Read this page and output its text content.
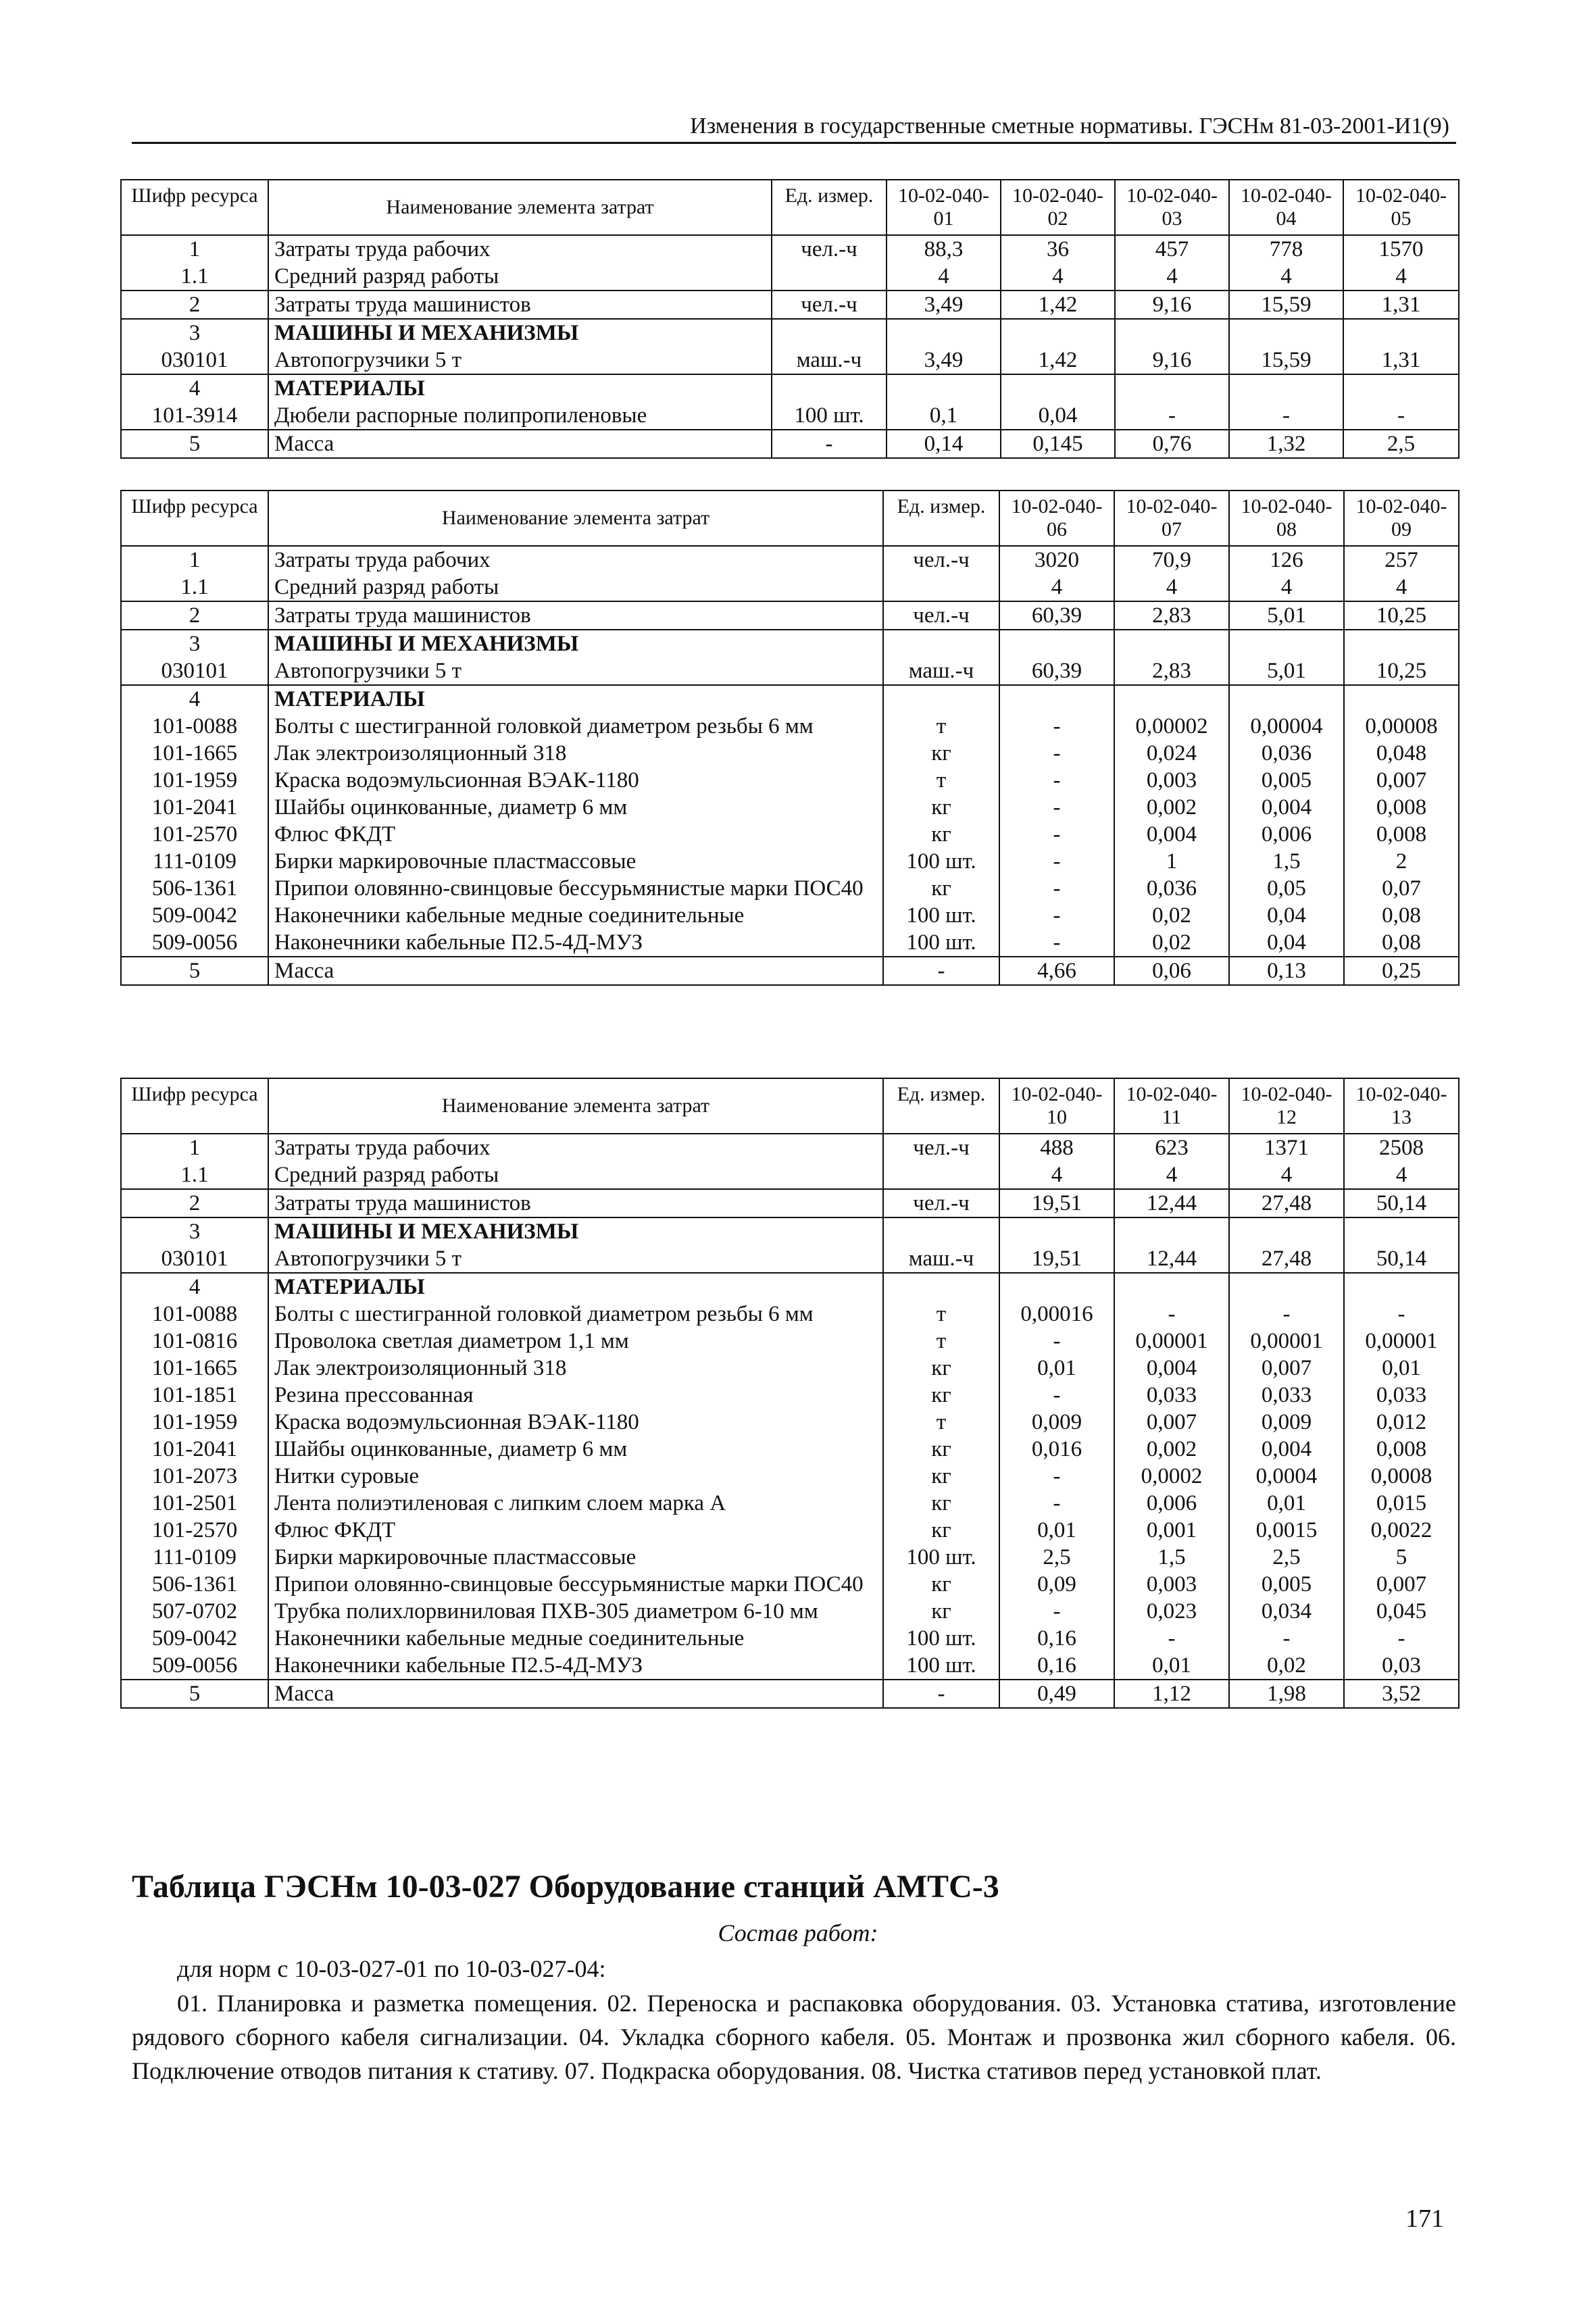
Изменения в государственные сметные нормативы. ГЭСНм 81-03-2001-И1(9)
Шифр ресурса	Наименование элемента затрат	Ед. измер.	10-02-040-01	10-02-040-02	10-02-040-03	10-02-040-04	10-02-040-05
1	Затраты труда рабочих	чел.-ч	88,3	36	457	778	1570
1.1	Средний разряд работы		4	4	4	4	4
2	Затраты труда машинистов	чел.-ч	3,49	1,42	9,16	15,59	1,31
3	МАШИНЫ И МЕХАНИЗМЫ						
030101	Автопогрузчики 5 т	маш.-ч	3,49	1,42	9,16	15,59	1,31
4	МАТЕРИАЛЫ						
101-3914	Дюбели распорные полипропиленовые	100 шт.	0,1	0,04	-	-	-
5	Масса	-	0,14	0,145	0,76	1,32	2,5
Шифр ресурса	Наименование элемента затрат	Ед. измер.	10-02-040-06	10-02-040-07	10-02-040-08	10-02-040-09
1	Затраты труда рабочих	чел.-ч	3020	70,9	126	257
1.1	Средний разряд работы		4	4	4	4
2	Затраты труда машинистов	чел.-ч	60,39	2,83	5,01	10,25
3	МАШИНЫ И МЕХАНИЗМЫ					
030101	Автопогрузчики 5 т	маш.-ч	60,39	2,83	5,01	10,25
4	МАТЕРИАЛЫ					
101-0088	Болты с шестигранной головкой диаметром резьбы 6 мм	т	-	0,00002	0,00004	0,00008
101-1665	Лак электроизоляционный 318	кг	-	0,024	0,036	0,048
101-1959	Краска водоэмульсионная ВЭАК-1180	т	-	0,003	0,005	0,007
101-2041	Шайбы оцинкованные, диаметр 6 мм	кг	-	0,002	0,004	0,008
101-2570	Флюс ФКДТ	кг	-	0,004	0,006	0,008
111-0109	Бирки маркировочные пластмассовые	100 шт.	-	1	1,5	2
506-1361	Припои оловянно-свинцовые бессурьмянистые марки ПОС40	кг	-	0,036	0,05	0,07
509-0042	Наконечники кабельные медные соединительные	100 шт.	-	0,02	0,04	0,08
509-0056	Наконечники кабельные П2.5-4Д-МУЗ	100 шт.	-	0,02	0,04	0,08
5	Масса	-	4,66	0,06	0,13	0,25
Шифр ресурса	Наименование элемента затрат	Ед. измер.	10-02-040-10	10-02-040-11	10-02-040-12	10-02-040-13
1	Затраты труда рабочих	чел.-ч	488	623	1371	2508
1.1	Средний разряд работы		4	4	4	4
2	Затраты труда машинистов	чел.-ч	19,51	12,44	27,48	50,14
3	МАШИНЫ И МЕХАНИЗМЫ					
030101	Автопогрузчики 5 т	маш.-ч	19,51	12,44	27,48	50,14
4	МАТЕРИАЛЫ					
101-0088	Болты с шестигранной головкой диаметром резьбы 6 мм	т	0,00016	-	-	-
101-0816	Проволока светлая диаметром 1,1 мм	т	-	0,00001	0,00001	0,00001
101-1665	Лак электроизоляционный 318	кг	0,01	0,004	0,007	0,01
101-1851	Резина прессованная	кг	-	0,033	0,033	0,033
101-1959	Краска водоэмульсионная ВЭАК-1180	т	0,009	0,007	0,009	0,012
101-2041	Шайбы оцинкованные, диаметр 6 мм	кг	0,016	0,002	0,004	0,008
101-2073	Нитки суровые	кг	-	0,0002	0,0004	0,0008
101-2501	Лента полиэтиленовая с липким слоем марка А	кг	-	0,006	0,01	0,015
101-2570	Флюс ФКДТ	кг	0,01	0,001	0,0015	0,0022
111-0109	Бирки маркировочные пластмассовые	100 шт.	2,5	1,5	2,5	5
506-1361	Припои оловянно-свинцовые бессурьмянистые марки ПОС40	кг	0,09	0,003	0,005	0,007
507-0702	Трубка полихлорвиниловая ПХВ-305 диаметром 6-10 мм	кг	-	0,023	0,034	0,045
509-0042	Наконечники кабельные медные соединительные	100 шт.	0,16	-	-	-
509-0056	Наконечники кабельные П2.5-4Д-МУЗ	100 шт.	0,16	0,01	0,02	0,03
5	Масса	-	0,49	1,12	1,98	3,52
Таблица ГЭСНм 10-03-027 Оборудование станций АМТС-3
Состав работ:
для норм с 10-03-027-01 по 10-03-027-04:
01. Планировка и разметка помещения. 02. Переноска и распаковка оборудования. 03. Установка статива, изготовление рядового сборного кабеля сигнализации. 04. Укладка сборного кабеля. 05. Монтаж и прозвонка жил сборного кабеля. 06. Подключение отводов питания к стативу. 07. Подкраска оборудования. 08. Чистка стативов перед установкой плат.
171
